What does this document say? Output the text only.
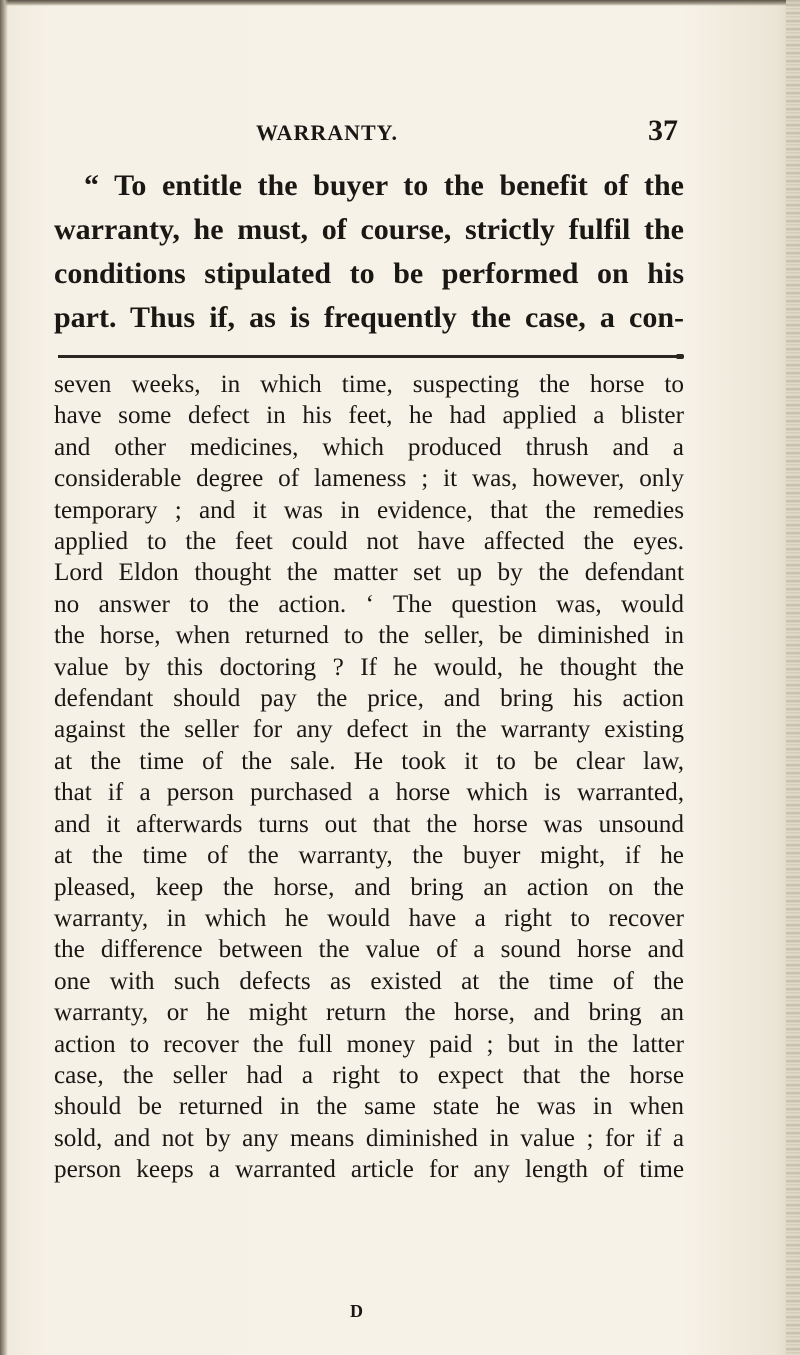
WARRANTY.	37
“ To entitle the buyer to the benefit of the
warranty, he must, of course, strictly fulfil the
conditions stipulated to be performed on his
part. Thus if, as is frequently the case, a con-
seven weeks, in which time, suspecting the horse to
have some defect in his feet, he had applied a blister
and other medicines, which produced thrush and a
considerable degree of lameness ; it was, however, only
temporary ; and it was in evidence, that the remedies
applied to the feet could not have affected the eyes.
Lord Eldon thought the matter set up by the defendant
no answer to the action. ‘ The question was, would
the horse, when returned to the seller, be diminished in
value by this doctoring ? If he would, he thought the
defendant should pay the price, and bring his action
against the seller for any defect in the warranty existing
at the time of the sale. He took it to be clear law,
that if a person purchased a horse which is warranted,
and it afterwards turns out that the horse was unsound
at the time of the warranty, the buyer might, if he
pleased, keep the horse, and bring an action on the
warranty, in which he would have a right to recover
the difference between the value of a sound horse and
one with such defects as existed at the time of the
warranty, or he might return the horse, and bring an
action to recover the full money paid ; but in the latter
case, the seller had a right to expect that the horse
should be returned in the same state he was in when
sold, and not by any means diminished in value ; for if a
person keeps a warranted article for any length of time
D
